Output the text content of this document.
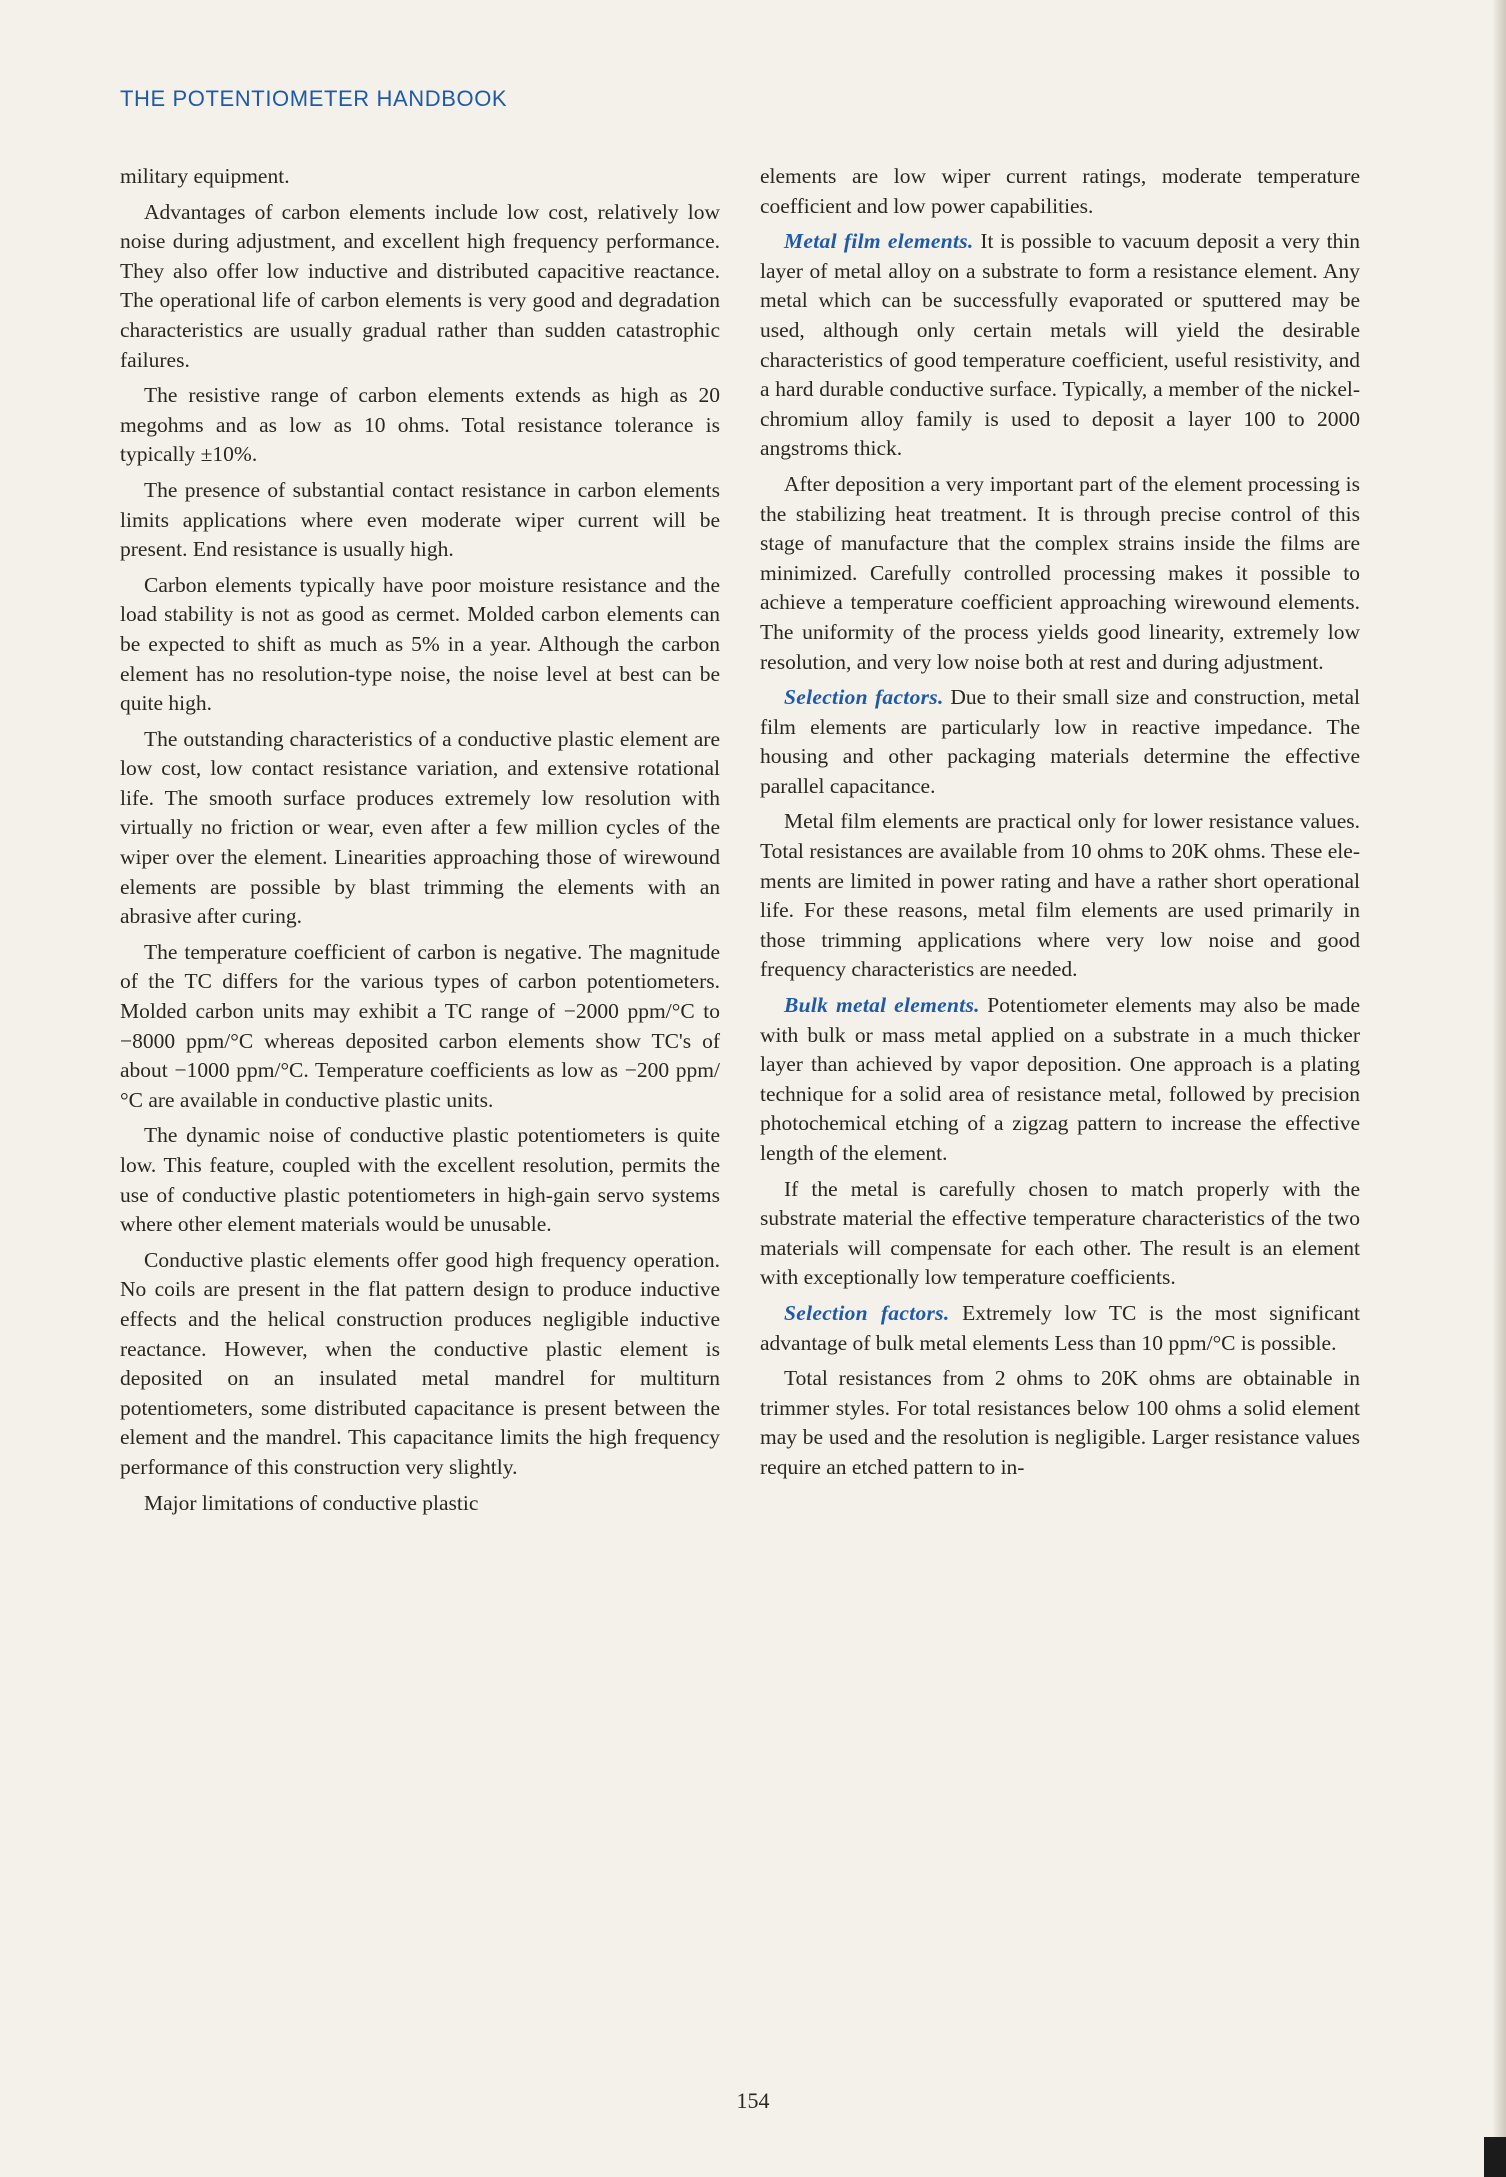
THE POTENTIOMETER HANDBOOK

military equipment.

Advantages of carbon elements include low cost, relatively low noise during adjustment, and excellent high frequency performance. They also offer low inductive and distributed capacitive reactance. The operational life of carbon elements is very good and degradation characteristics are usually gradual rather than sudden catastrophic failures.

The resistive range of carbon elements extends as high as 20 megohms and as low as 10 ohms. Total resistance tolerance is typically ±10%.

The presence of substantial contact resistance in carbon elements limits applications where even moderate wiper current will be present. End resistance is usually high.

Carbon elements typically have poor moisture resistance and the load stability is not as good as cermet. Molded carbon elements can be expected to shift as much as 5% in a year. Although the carbon element has no resolution-type noise, the noise level at best can be quite high.

The outstanding characteristics of a conductive plastic element are low cost, low contact resistance variation, and extensive rotational life. The smooth surface produces extremely low resolution with virtually no friction or wear, even after a few million cycles of the wiper over the element. Linearities approaching those of wirewound elements are possible by blast trimming the elements with an abrasive after curing.

The temperature coefficient of carbon is negative. The magnitude of the TC differs for the various types of carbon potentiometers. Molded carbon units may exhibit a TC range of −2000 ppm/°C to −8000 ppm/°C whereas deposited carbon elements show TC's of about −1000 ppm/°C. Temperature coefficients as low as −200 ppm/°C are available in conductive plastic units.

The dynamic noise of conductive plastic potentiometers is quite low. This feature, coupled with the excellent resolution, permits the use of conductive plastic potentiometers in high-gain servo systems where other element materials would be unusable.

Conductive plastic elements offer good high frequency operation. No coils are present in the flat pattern design to produce inductive effects and the helical construction produces negligible inductive reactance. However, when the conductive plastic element is deposited on an insulated metal mandrel for multiturn potentiometers, some distributed capacitance is present between the element and the mandrel. This capacitance limits the high frequency performance of this construction very slightly.

Major limitations of conductive plastic

elements are low wiper current ratings, moderate temperature coefficient and low power capabilities.

Metal film elements. It is possible to vacuum deposit a very thin layer of metal alloy on a substrate to form a resistance element. Any metal which can be successfully evaporated or sputtered may be used, although only certain metals will yield the desirable characteristics of good temperature coefficient, useful resistivity, and a hard durable conductive surface. Typically, a member of the nickel-chromium alloy family is used to deposit a layer 100 to 2000 angstroms thick.

After deposition a very important part of the element processing is the stabilizing heat treatment. It is through precise control of this stage of manufacture that the complex strains inside the films are minimized. Carefully controlled processing makes it possible to achieve a temperature coefficient approaching wirewound elements. The uniformity of the process yields good linearity, extremely low resolution, and very low noise both at rest and during adjustment.

Selection factors. Due to their small size and construction, metal film elements are particularly low in reactive impedance. The housing and other packaging materials determine the effective parallel capacitance.

Metal film elements are practical only for lower resistance values. Total resistances are available from 10 ohms to 20K ohms. These elements are limited in power rating and have a rather short operational life. For these reasons, metal film elements are used primarily in those trimming applications where very low noise and good frequency characteristics are needed.

Bulk metal elements. Potentiometer elements may also be made with bulk or mass metal applied on a substrate in a much thicker layer than achieved by vapor deposition. One approach is a plating technique for a solid area of resistance metal, followed by precision photochemical etching of a zigzag pattern to increase the effective length of the element.

If the metal is carefully chosen to match properly with the substrate material the effective temperature characteristics of the two materials will compensate for each other. The result is an element with exceptionally low temperature coefficients.

Selection factors. Extremely low TC is the most significant advantage of bulk metal elements Less than 10 ppm/°C is possible.

Total resistances from 2 ohms to 20K ohms are obtainable in trimmer styles. For total resistances below 100 ohms a solid element may be used and the resolution is negligible. Larger resistance values require an etched pattern to in-

154
